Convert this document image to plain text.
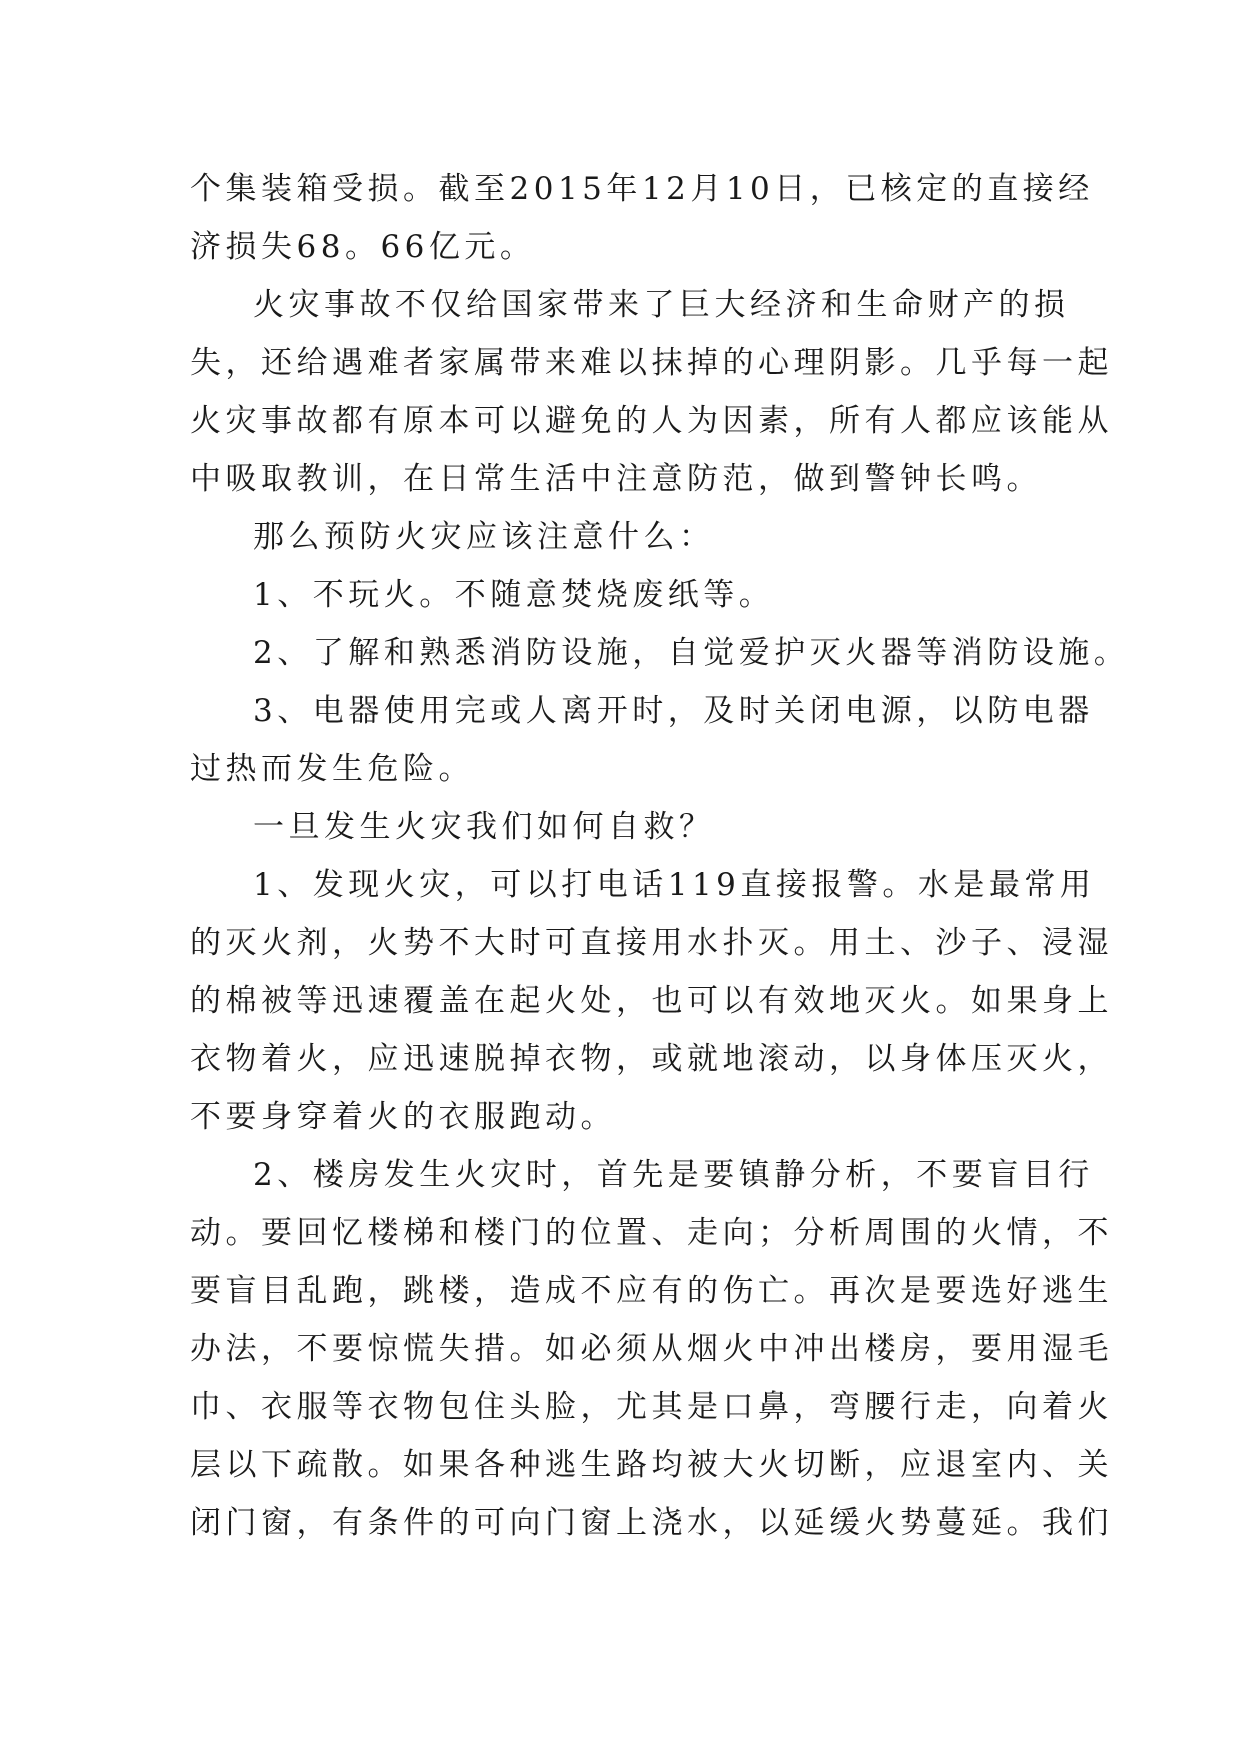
个集装箱受损。截至2015年12月10日，已核定的直接经
济损失68。66亿元。
火灾事故不仅给国家带来了巨大经济和生命财产的损
失，还给遇难者家属带来难以抹掉的心理阴影。几乎每一起
火灾事故都有原本可以避免的人为因素，所有人都应该能从
中吸取教训，在日常生活中注意防范，做到警钟长鸣。
那么预防火灾应该注意什么：
1、不玩火。不随意焚烧废纸等。
2、了解和熟悉消防设施，自觉爱护灭火器等消防设施。
3、电器使用完或人离开时，及时关闭电源，以防电器
过热而发生危险。
一旦发生火灾我们如何自救？
1、发现火灾，可以打电话119直接报警。水是最常用
的灭火剂，火势不大时可直接用水扑灭。用土、沙子、浸湿
的棉被等迅速覆盖在起火处，也可以有效地灭火。如果身上
衣物着火，应迅速脱掉衣物，或就地滚动，以身体压灭火，
不要身穿着火的衣服跑动。
2、楼房发生火灾时，首先是要镇静分析，不要盲目行
动。要回忆楼梯和楼门的位置、走向；分析周围的火情，不
要盲目乱跑，跳楼，造成不应有的伤亡。再次是要选好逃生
办法，不要惊慌失措。如必须从烟火中冲出楼房，要用湿毛
巾、衣服等衣物包住头脸，尤其是口鼻，弯腰行走，向着火
层以下疏散。如果各种逃生路均被大火切断，应退室内、关
闭门窗，有条件的可向门窗上浇水，以延缓火势蔓延。我们
